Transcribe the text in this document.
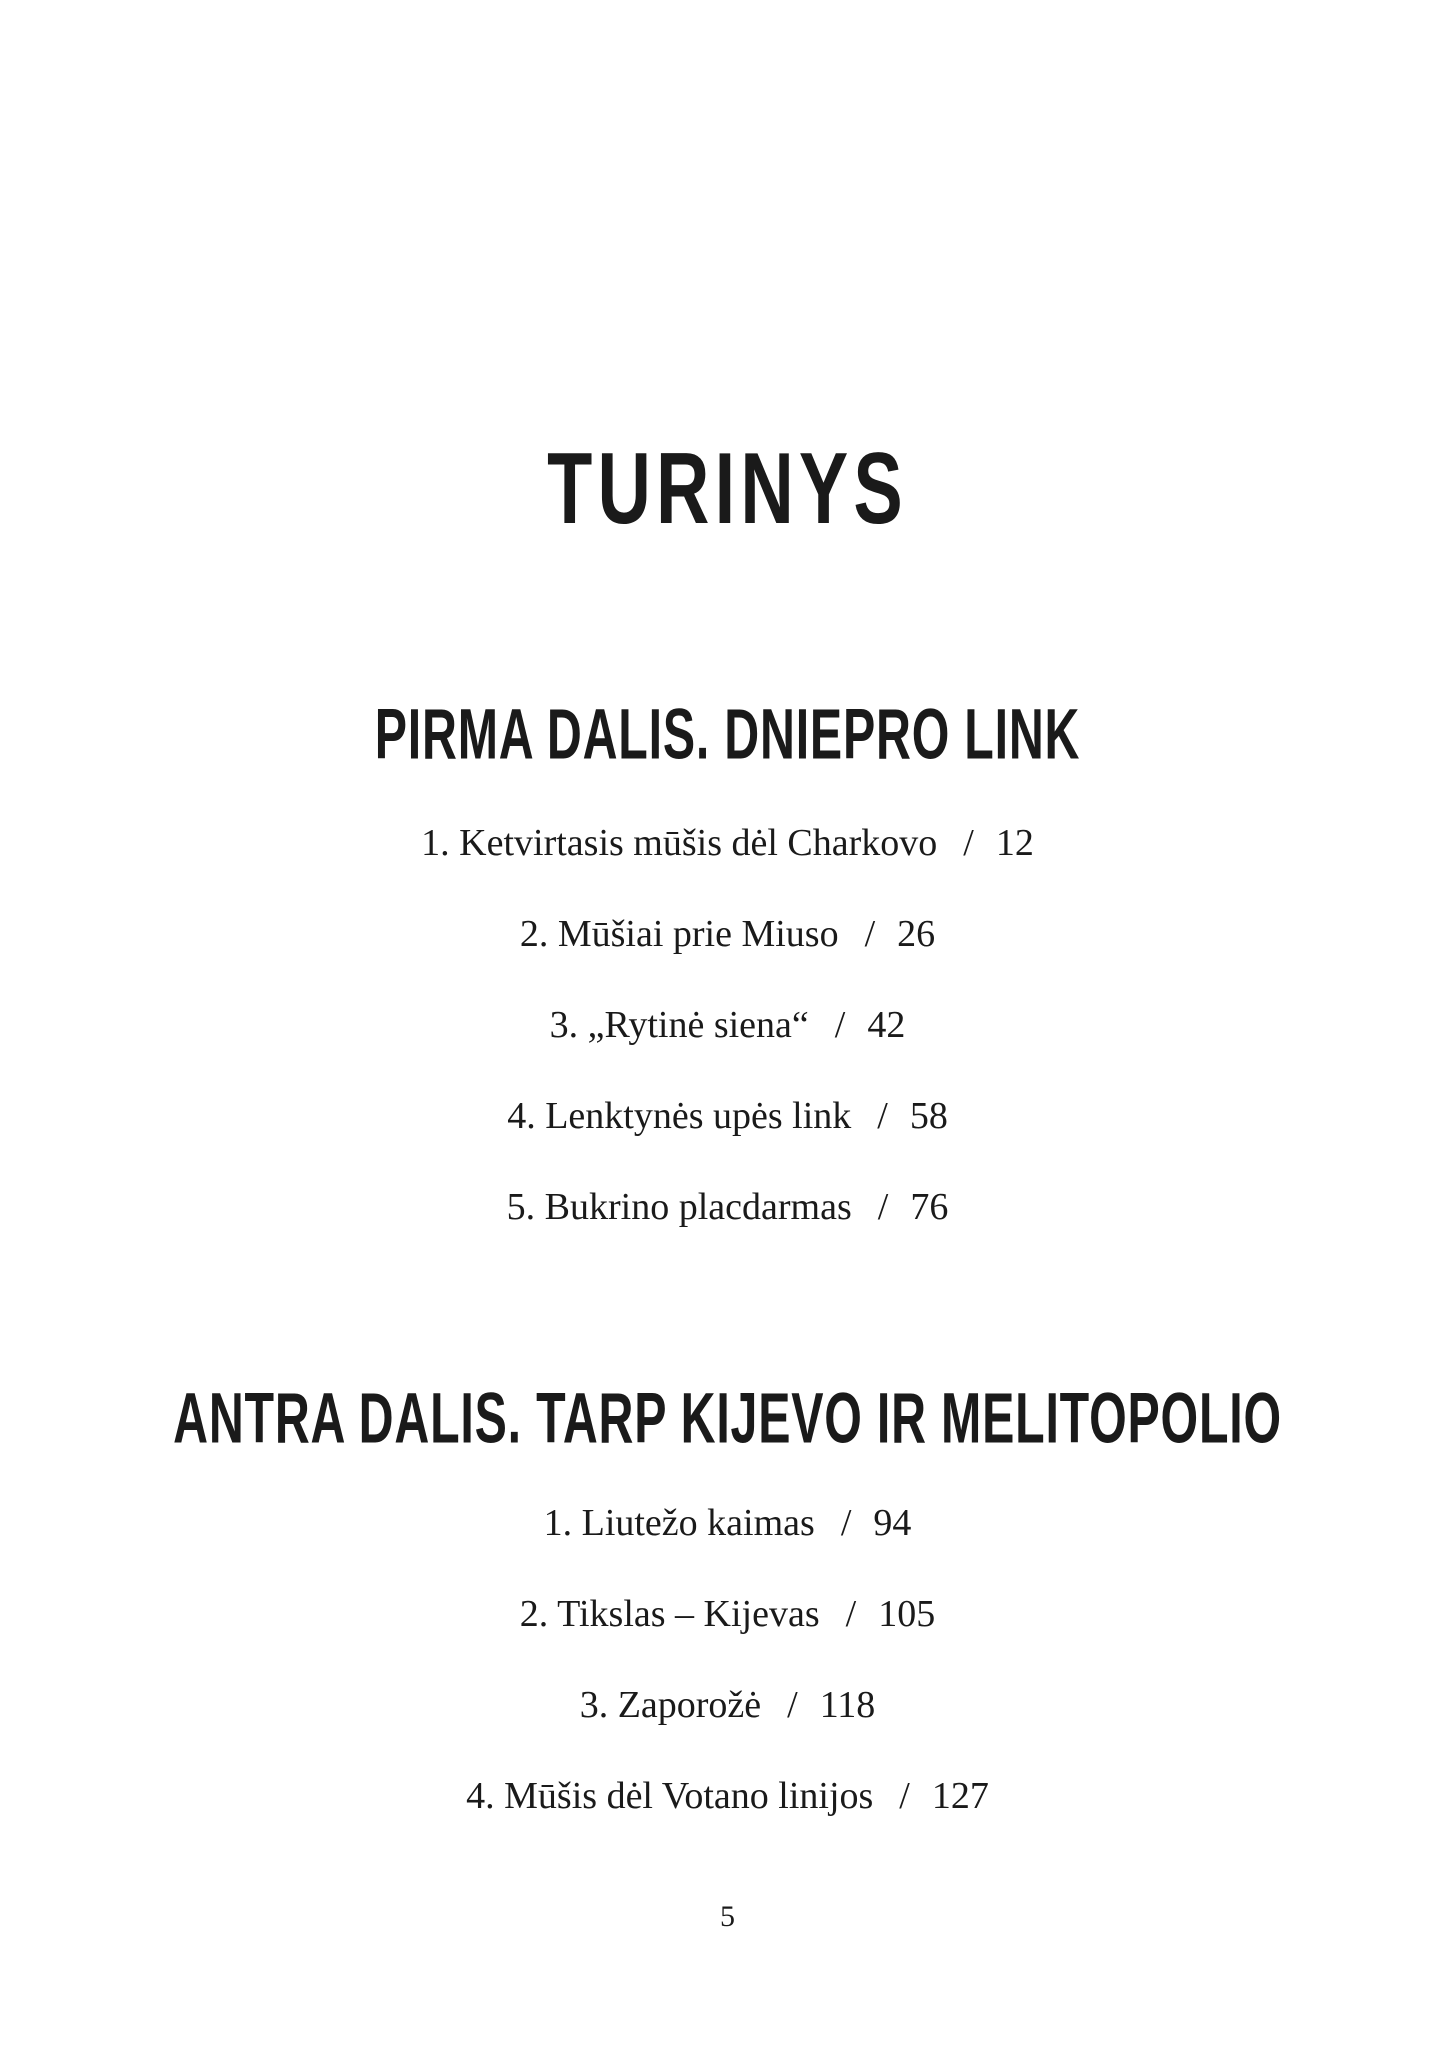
TURINYS
PIRMA DALIS. DNIEPRO LINK
1. Ketvirtasis mūšis dėl Charkovo / 12
2. Mūšiai prie Miuso / 26
3. „Rytinė siena“ / 42
4. Lenktynės upės link / 58
5. Bukrino placdarmas / 76
ANTRA DALIS. TARP KIJEVO IR MELITOPOLIO
1. Liutežo kaimas / 94
2. Tikslas – Kijevas / 105
3. Zaporožė / 118
4. Mūšis dėl Votano linijos / 127
5
